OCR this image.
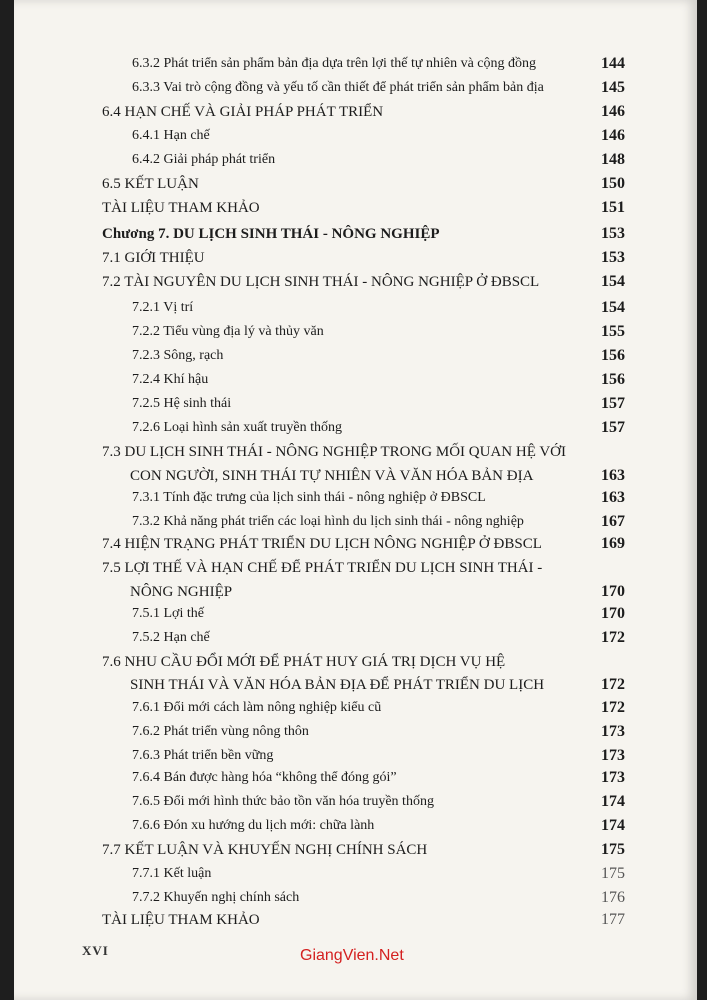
6.3.2 Phát triển sản phẩm bản địa dựa trên lợi thế tự nhiên và cộng đồng	144
6.3.3 Vai trò cộng đồng và yếu tố cần thiết để phát triển sản phẩm bản địa	145
6.4 HẠN CHẾ VÀ GIẢI PHÁP PHÁT TRIỂN	146
6.4.1 Hạn chế	146
6.4.2 Giải pháp phát triển	148
6.5 KẾT LUẬN	150
TÀI LIỆU THAM KHẢO	151
Chương 7. DU LỊCH SINH THÁI - NÔNG NGHIỆP	153
7.1 GIỚI THIỆU	153
7.2 TÀI NGUYÊN DU LỊCH SINH THÁI - NÔNG NGHIỆP Ở ĐBSCL	154
7.2.1 Vị trí	154
7.2.2 Tiểu vùng địa lý và thủy văn	155
7.2.3 Sông, rạch	156
7.2.4 Khí hậu	156
7.2.5 Hệ sinh thái	157
7.2.6 Loại hình sản xuất truyền thống	157
7.3 DU LỊCH SINH THÁI - NÔNG NGHIỆP TRONG MỐI QUAN HỆ VỚI
CON NGƯỜI, SINH THÁI TỰ NHIÊN VÀ VĂN HÓA BẢN ĐỊA	163
7.3.1 Tính đặc trưng của lịch sinh thái - nông nghiệp ở ĐBSCL	163
7.3.2 Khả năng phát triển các loại hình du lịch sinh thái - nông nghiệp	167
7.4 HIỆN TRẠNG PHÁT TRIỂN DU LỊCH NÔNG NGHIỆP Ở ĐBSCL	169
7.5 LỢI THẾ VÀ HẠN CHẾ ĐỂ PHÁT TRIỂN DU LỊCH SINH THÁI -
NÔNG NGHIỆP	170
7.5.1 Lợi thế	170
7.5.2 Hạn chế	172
7.6 NHU CẦU ĐỔI MỚI ĐỂ PHÁT HUY GIÁ TRỊ DỊCH VỤ HỆ
SINH THÁI VÀ VĂN HÓA BẢN ĐỊA ĐỂ PHÁT TRIỂN DU LỊCH	172
7.6.1 Đổi mới cách làm nông nghiệp kiểu cũ	172
7.6.2 Phát triển vùng nông thôn	173
7.6.3 Phát triển bền vững	173
7.6.4 Bán được hàng hóa “không thể đóng gói”	173
7.6.5 Đổi mới hình thức bảo tồn văn hóa truyền thống	174
7.6.6 Đón xu hướng du lịch mới: chữa lành	174
7.7 KẾT LUẬN VÀ KHUYẾN NGHỊ CHÍNH SÁCH	175
7.7.1 Kết luận	175
7.7.2 Khuyến nghị chính sách	176
TÀI LIỆU THAM KHẢO	177
XVI	GiangVien.Net
